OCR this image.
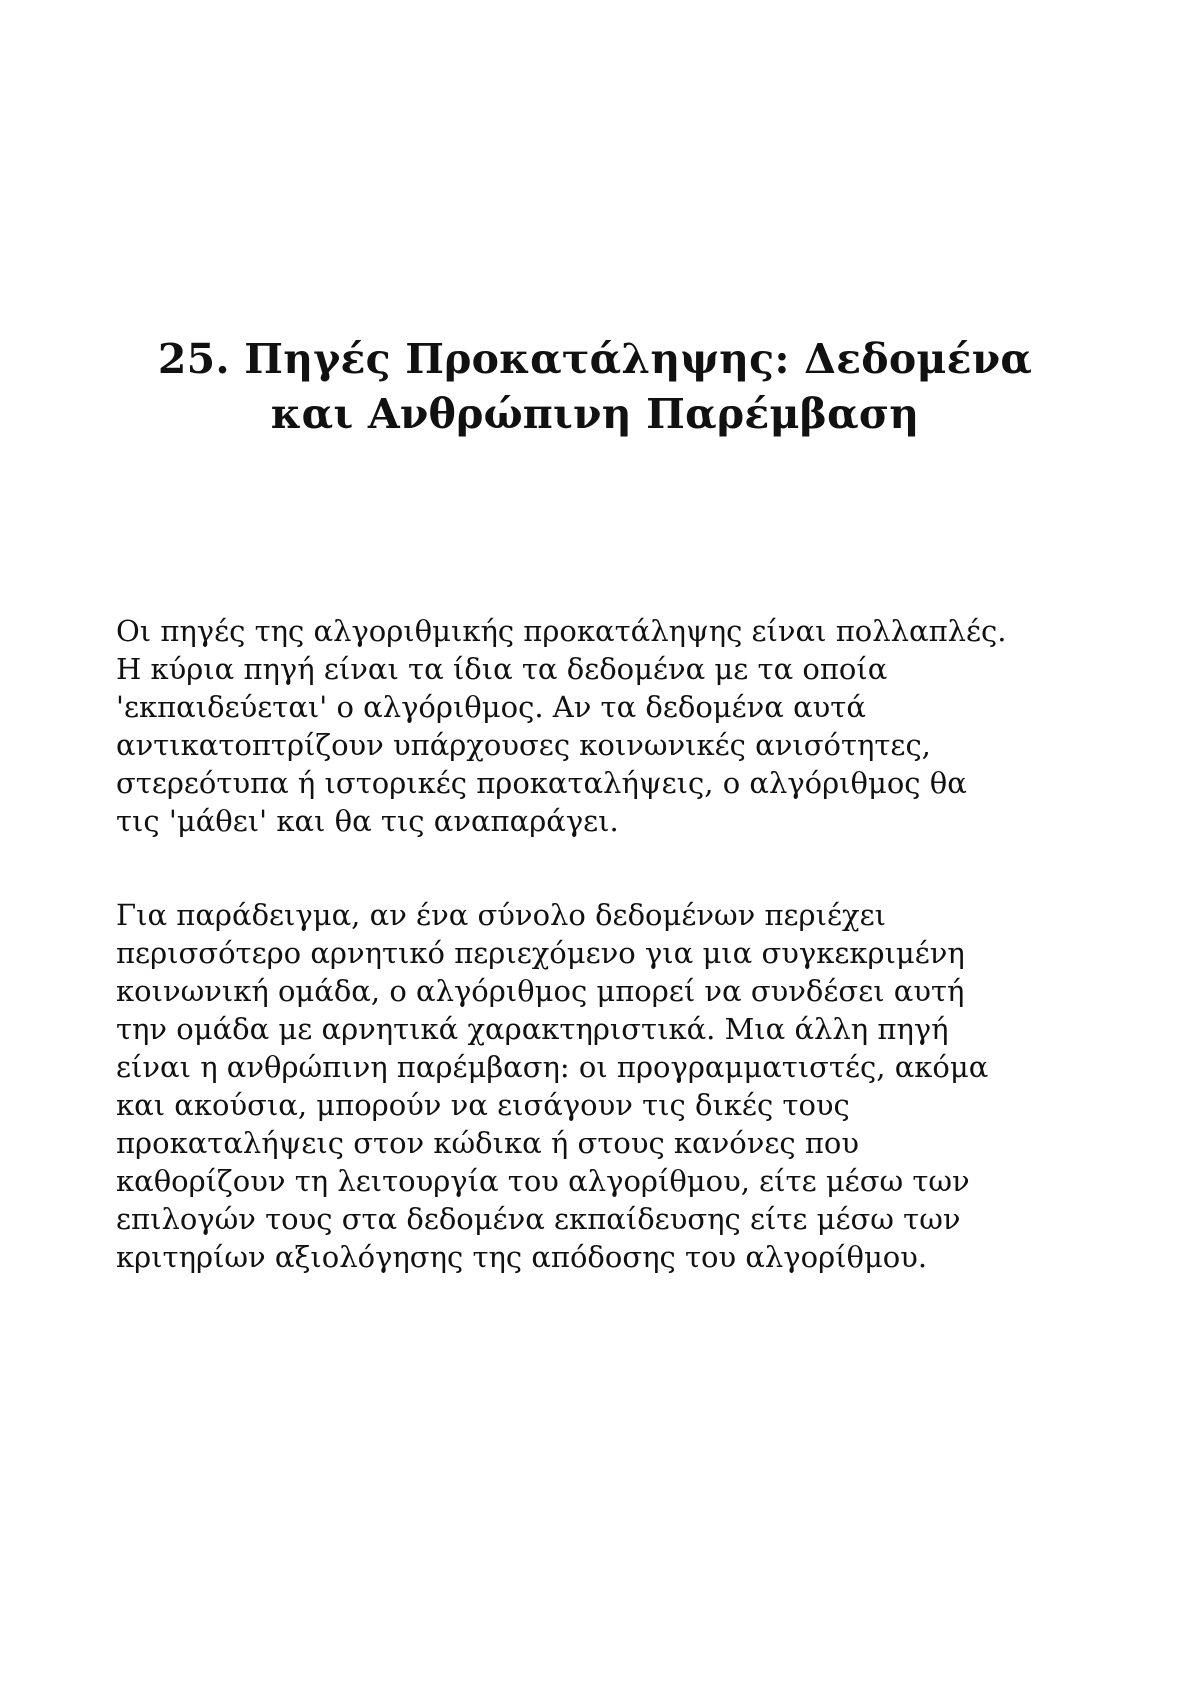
25. Πηγές Προκατάληψης: Δεδομένα
και Ανθρώπινη Παρέμβαση

Οι πηγές της αλγοριθμικής προκατάληψης είναι πολλαπλές.
Η κύρια πηγή είναι τα ίδια τα δεδομένα με τα οποία
'εκπαιδεύεται' ο αλγόριθμος. Αν τα δεδομένα αυτά
αντικατοπτρίζουν υπάρχουσες κοινωνικές ανισότητες,
στερεότυπα ή ιστορικές προκαταλήψεις, ο αλγόριθμος θα
τις 'μάθει' και θα τις αναπαράγει.

Για παράδειγμα, αν ένα σύνολο δεδομένων περιέχει
περισσότερο αρνητικό περιεχόμενο για μια συγκεκριμένη
κοινωνική ομάδα, ο αλγόριθμος μπορεί να συνδέσει αυτή
την ομάδα με αρνητικά χαρακτηριστικά. Μια άλλη πηγή
είναι η ανθρώπινη παρέμβαση: οι προγραμματιστές, ακόμα
και ακούσια, μπορούν να εισάγουν τις δικές τους
προκαταλήψεις στον κώδικα ή στους κανόνες που
καθορίζουν τη λειτουργία του αλγορίθμου, είτε μέσω των
επιλογών τους στα δεδομένα εκπαίδευσης είτε μέσω των
κριτηρίων αξιολόγησης της απόδοσης του αλγορίθμου.
